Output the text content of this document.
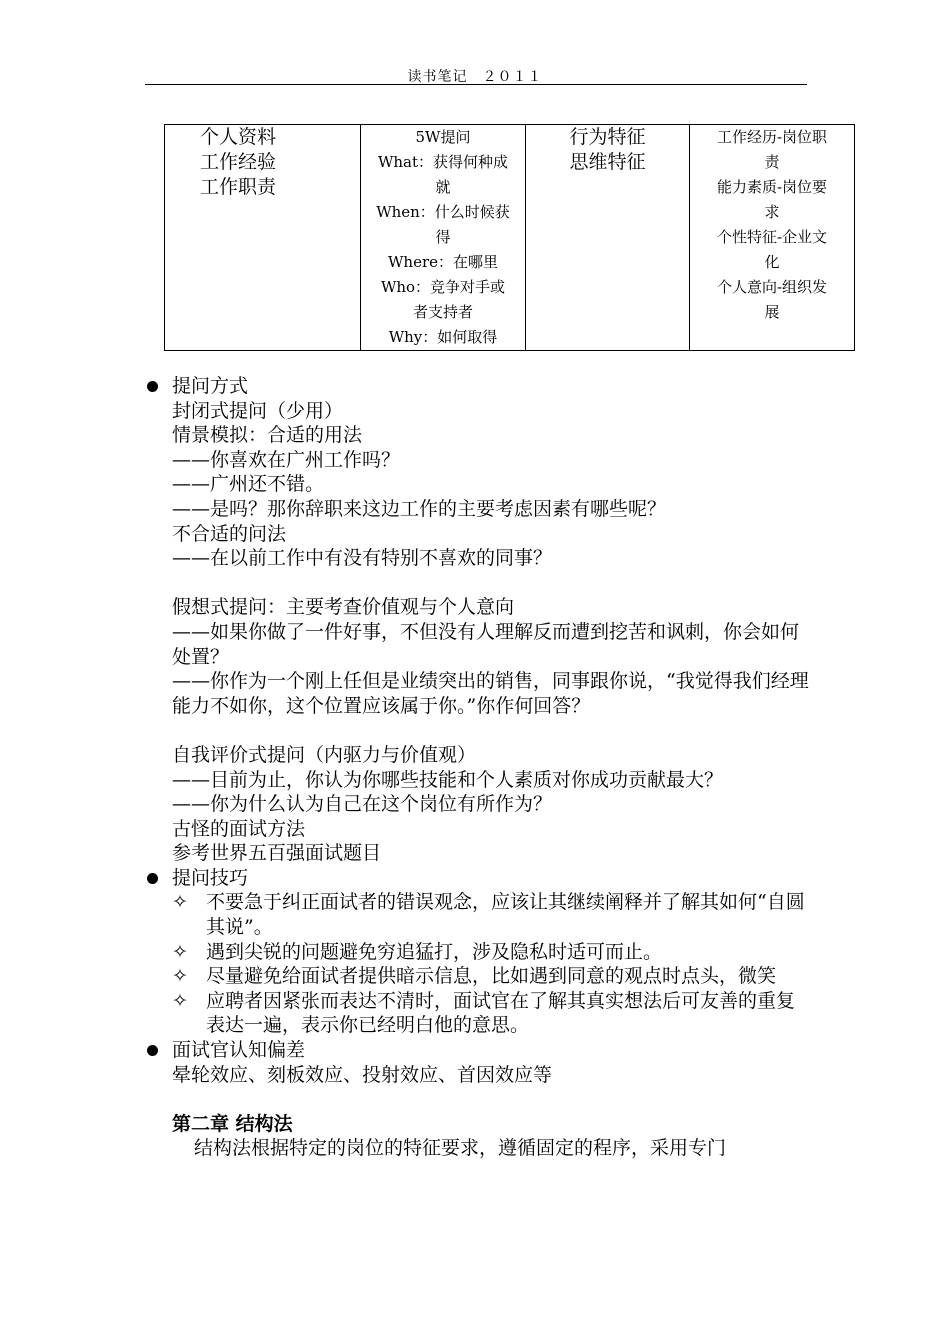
读书笔记　２０１１
个人资料
工作经验
工作职责

5W提问
What：获得何种成
就
When：什么时候获
得
Where：在哪里
Who：竞争对手或
者支持者
Why：如何取得

行为特征
思维特征

工作经历-岗位职
责
能力素质-岗位要
求
个性特征-企业文
化
个人意向-组织发
展
提问方式
封闭式提问（少用）
情景模拟：合适的用法
——你喜欢在广州工作吗？
——广州还不错。
——是吗？那你辞职来这边工作的主要考虑因素有哪些呢？
不合适的问法
——在以前工作中有没有特别不喜欢的同事？
假想式提问：主要考查价值观与个人意向
——如果你做了一件好事，不但没有人理解反而遭到挖苦和讽刺，你会如何处置？
——你作为一个刚上任但是业绩突出的销售，同事跟你说，“我觉得我们经理能力不如你，这个位置应该属于你。”你作何回答？
自我评价式提问（内驱力与价值观）
——目前为止，你认为你哪些技能和个人素质对你成功贡献最大？
——你为什么认为自己在这个岗位有所作为？
古怪的面试方法
参考世界五百强面试题目
提问技巧
✧ 不要急于纠正面试者的错误观念，应该让其继续阐释并了解其如何“自圆其说”。
✧ 遇到尖锐的问题避免穷追猛打，涉及隐私时适可而止。
✧ 尽量避免给面试者提供暗示信息，比如遇到同意的观点时点头，微笑
✧ 应聘者因紧张而表达不清时，面试官在了解其真实想法后可友善的重复表达一遍，表示你已经明白他的意思。
面试官认知偏差
晕轮效应、刻板效应、投射效应、首因效应等
第二章 结构法
结构法根据特定的岗位的特征要求，遵循固定的程序，采用专门
